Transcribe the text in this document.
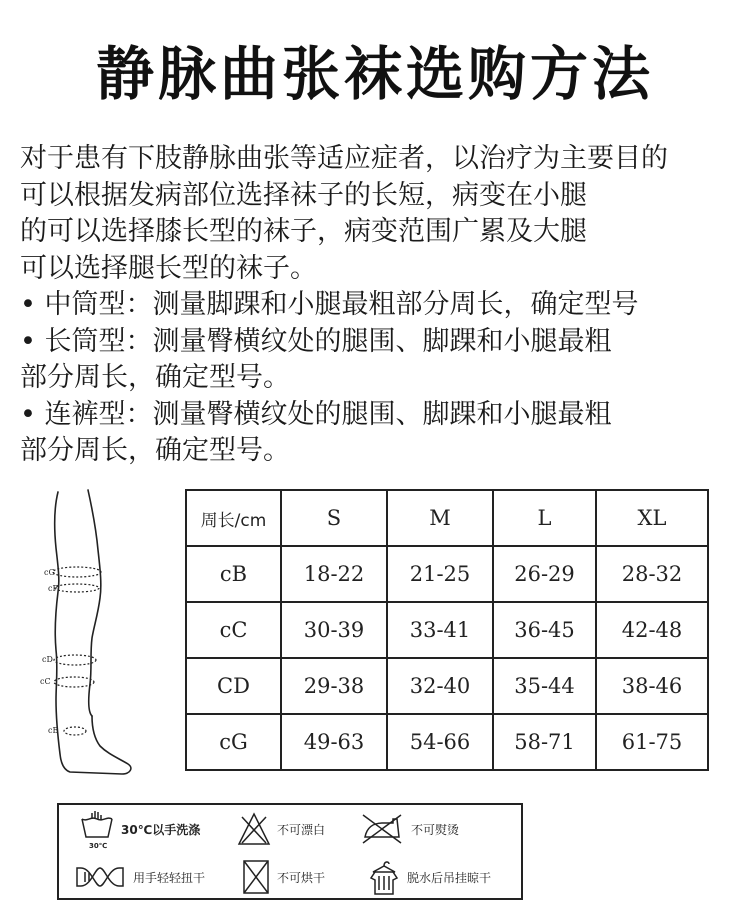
静脉曲张袜选购方法

对于患有下肢静脉曲张等适应症者，以治疗为主要目的

可以根据发病部位选择袜子的长短，病变在小腿

的可以选择膝长型的袜子，病变范围广累及大腿

可以选择腿长型的袜子。

• 中筒型：测量脚踝和小腿最粗部分周长，确定型号

• 长筒型：测量臀横纹处的腿围、脚踝和小腿最粗

部分周长，确定型号。

• 连裤型：测量臀横纹处的腿围、脚踝和小腿最粗

部分周长，确定型号。

cG
cF
cD
cC
cB
周长/cm	S	M	L	XL
cB	18-22	21-25	26-29	28-32
cC	30-39	33-41	36-45	42-48
CD	29-38	32-40	35-44	38-46
cG	49-63	54-66	58-71	61-75
30℃
30℃以手洗涤	不可漂白	不可熨烫
用手轻轻扭干	不可烘干	脱水后吊挂晾干
